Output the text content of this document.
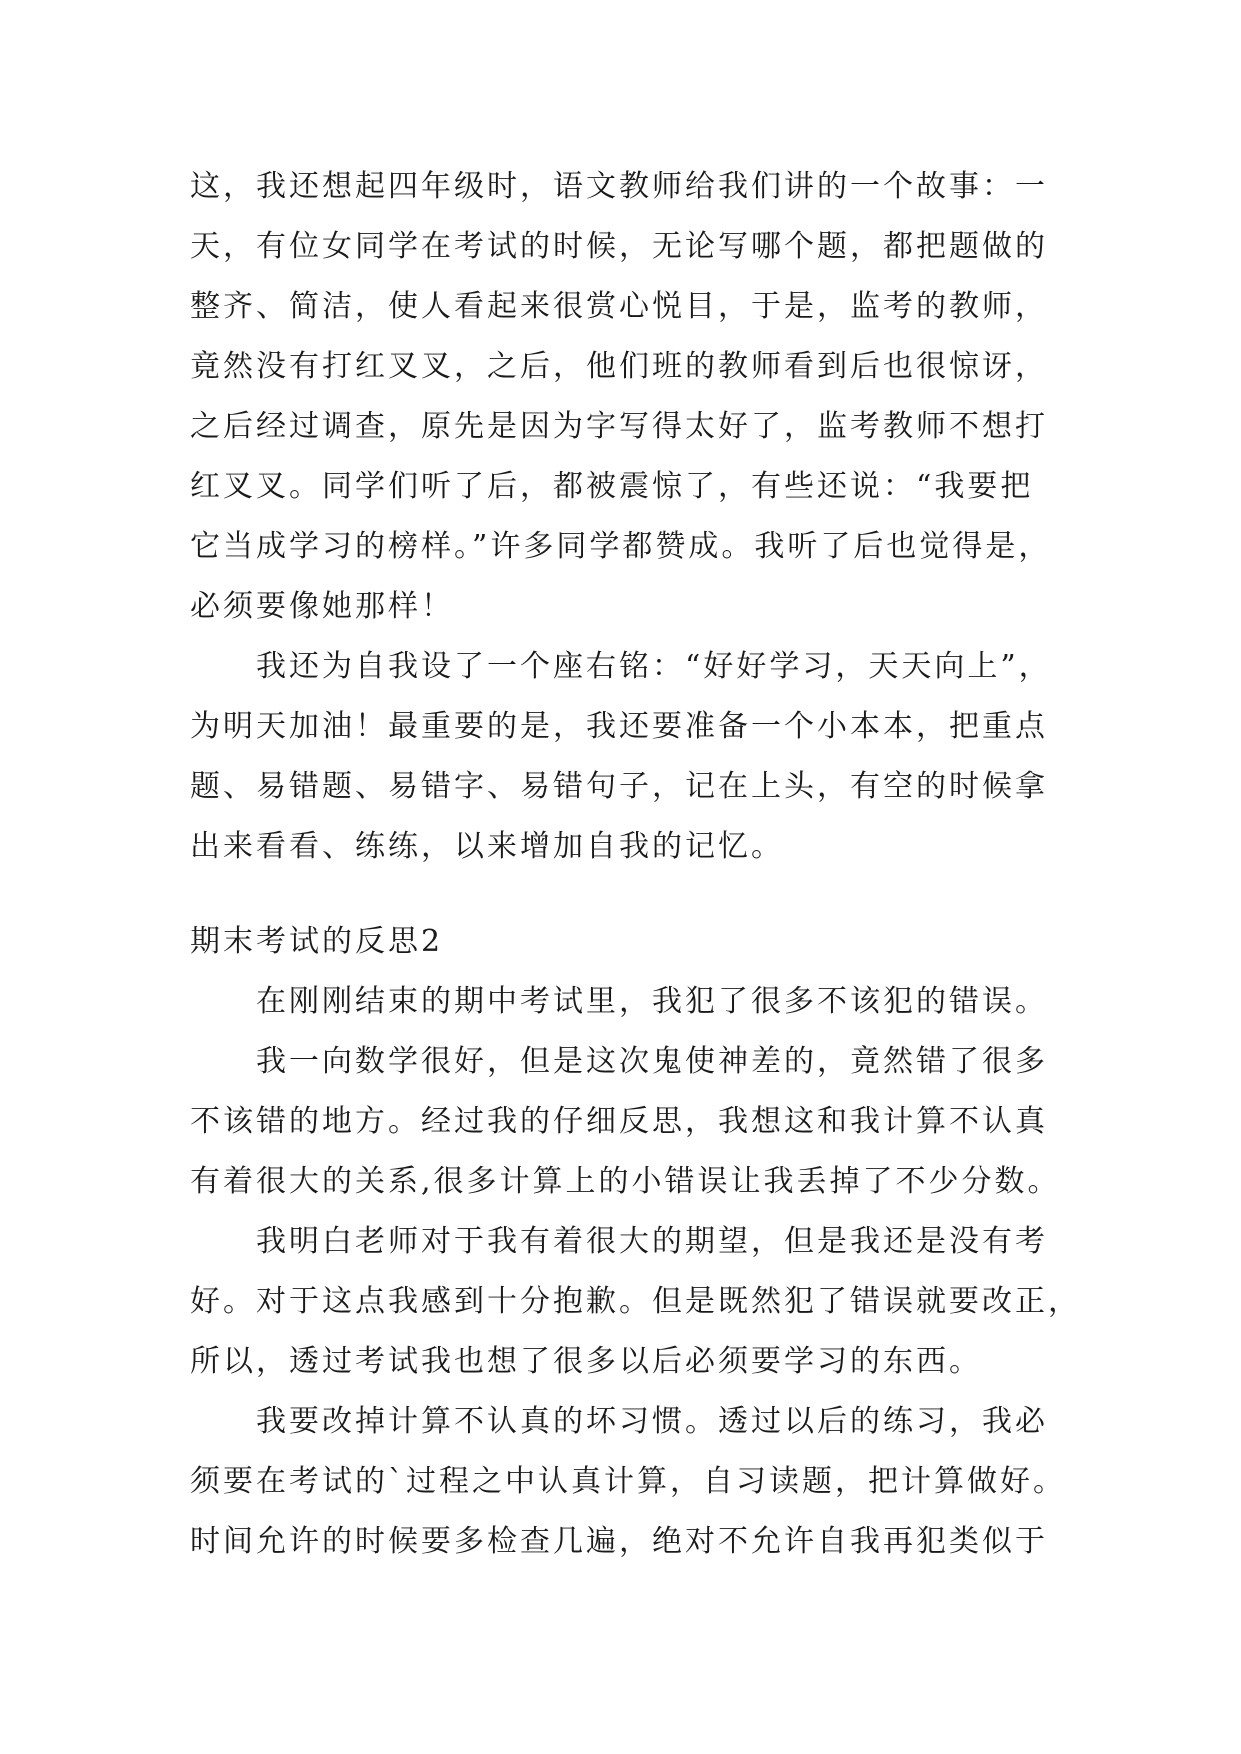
这，我还想起四年级时，语文教师给我们讲的一个故事：一
天，有位女同学在考试的时候，无论写哪个题，都把题做的
整齐、简洁，使人看起来很赏心悦目，于是，监考的教师，
竟然没有打红叉叉，之后，他们班的教师看到后也很惊讶，
之后经过调查，原先是因为字写得太好了，监考教师不想打
红叉叉。同学们听了后，都被震惊了，有些还说：“我要把
它当成学习的榜样。”许多同学都赞成。我听了后也觉得是，
必须要像她那样！
　　我还为自我设了一个座右铭：“好好学习，天天向上”，
为明天加油！最重要的是，我还要准备一个小本本，把重点
题、易错题、易错字、易错句子，记在上头，有空的时候拿
出来看看、练练，以来增加自我的记忆。
期末考试的反思2
　　在刚刚结束的期中考试里，我犯了很多不该犯的错误。
　　我一向数学很好，但是这次鬼使神差的，竟然错了很多
不该错的地方。经过我的仔细反思，我想这和我计算不认真
有着很大的关系,很多计算上的小错误让我丢掉了不少分数。
　　我明白老师对于我有着很大的期望，但是我还是没有考
好。对于这点我感到十分抱歉。但是既然犯了错误就要改正，
所以，透过考试我也想了很多以后必须要学习的东西。
　　我要改掉计算不认真的坏习惯。透过以后的练习，我必
须要在考试的`过程之中认真计算，自习读题，把计算做好。
时间允许的时候要多检查几遍，绝对不允许自我再犯类似于
